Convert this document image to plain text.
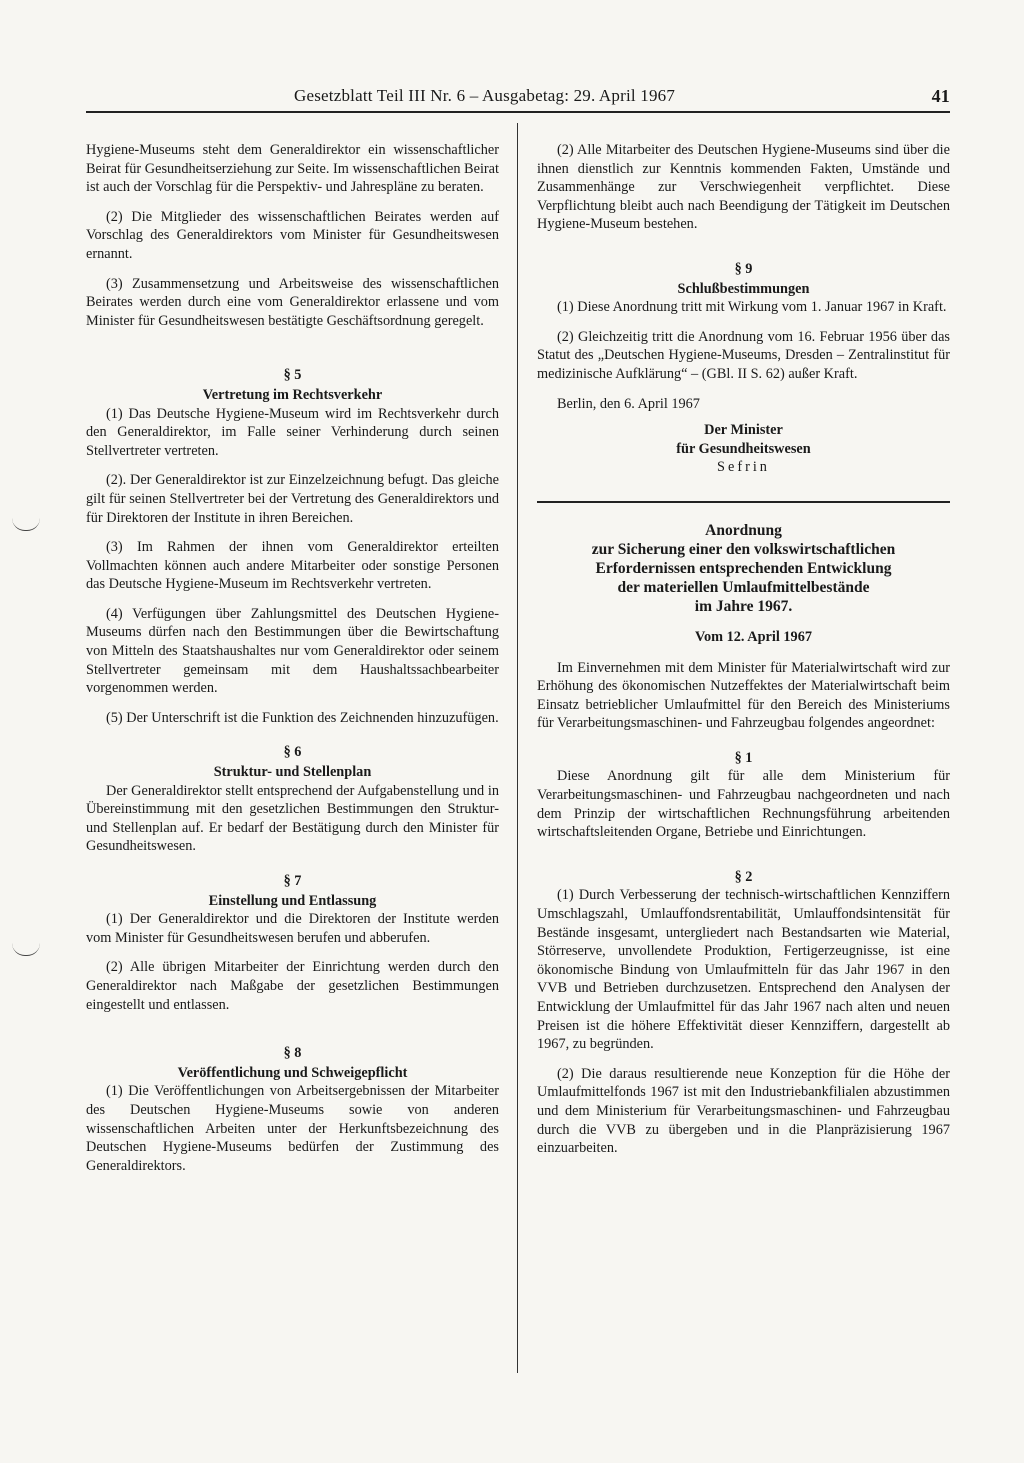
Gesetzblatt Teil III Nr. 6 – Ausgabetag: 29. April 1967	41

Hygiene-Museums steht dem Generaldirektor ein wissenschaftlicher Beirat für Gesundheitserziehung zur Seite. Im wissenschaftlichen Beirat ist auch der Vorschlag für die Perspektiv- und Jahrespläne zu beraten.

(2) Die Mitglieder des wissenschaftlichen Beirates werden auf Vorschlag des Generaldirektors vom Minister für Gesundheitswesen ernannt.

(3) Zusammensetzung und Arbeitsweise des wissenschaftlichen Beirates werden durch eine vom Generaldirektor erlassene und vom Minister für Gesundheitswesen bestätigte Geschäftsordnung geregelt.

§ 5

Vertretung im Rechtsverkehr

(1) Das Deutsche Hygiene-Museum wird im Rechtsverkehr durch den Generaldirektor, im Falle seiner Verhinderung durch seinen Stellvertreter vertreten.

(2). Der Generaldirektor ist zur Einzelzeichnung befugt. Das gleiche gilt für seinen Stellvertreter bei der Vertretung des Generaldirektors und für Direktoren der Institute in ihren Bereichen.

(3) Im Rahmen der ihnen vom Generaldirektor erteilten Vollmachten können auch andere Mitarbeiter oder sonstige Personen das Deutsche Hygiene-Museum im Rechtsverkehr vertreten.

(4) Verfügungen über Zahlungsmittel des Deutschen Hygiene-Museums dürfen nach den Bestimmungen über die Bewirtschaftung von Mitteln des Staatshaushaltes nur vom Generaldirektor oder seinem Stellvertreter gemeinsam mit dem Haushaltssachbearbeiter vorgenommen werden.

(5) Der Unterschrift ist die Funktion des Zeichnenden hinzuzufügen.

§ 6

Struktur- und Stellenplan

Der Generaldirektor stellt entsprechend der Aufgabenstellung und in Übereinstimmung mit den gesetzlichen Bestimmungen den Struktur- und Stellenplan auf. Er bedarf der Bestätigung durch den Minister für Gesundheitswesen.

§ 7

Einstellung und Entlassung

(1) Der Generaldirektor und die Direktoren der Institute werden vom Minister für Gesundheitswesen berufen und abberufen.

(2) Alle übrigen Mitarbeiter der Einrichtung werden durch den Generaldirektor nach Maßgabe der gesetzlichen Bestimmungen eingestellt und entlassen.

§ 8

Veröffentlichung und Schweigepflicht

(1) Die Veröffentlichungen von Arbeitsergebnissen der Mitarbeiter des Deutschen Hygiene-Museums sowie von anderen wissenschaftlichen Arbeiten unter der Herkunftsbezeichnung des Deutschen Hygiene-Museums bedürfen der Zustimmung des Generaldirektors.

(2) Alle Mitarbeiter des Deutschen Hygiene-Museums sind über die ihnen dienstlich zur Kenntnis kommenden Fakten, Umstände und Zusammenhänge zur Verschwiegenheit verpflichtet. Diese Verpflichtung bleibt auch nach Beendigung der Tätigkeit im Deutschen Hygiene-Museum bestehen.

§ 9

Schlußbestimmungen

(1) Diese Anordnung tritt mit Wirkung vom 1. Januar 1967 in Kraft.

(2) Gleichzeitig tritt die Anordnung vom 16. Februar 1956 über das Statut des „Deutschen Hygiene-Museums, Dresden – Zentralinstitut für medizinische Aufklärung“ – (GBl. II S. 62) außer Kraft.

Berlin, den 6. April 1967

Der Minister

für Gesundheitswesen

Sefrin

Anordnung
zur Sicherung einer den volkswirtschaftlichen
Erfordernissen entsprechenden Entwicklung
der materiellen Umlaufmittelbestände
im Jahre 1967.

Vom 12. April 1967

Im Einvernehmen mit dem Minister für Materialwirtschaft wird zur Erhöhung des ökonomischen Nutzeffektes der Materialwirtschaft beim Einsatz betrieblicher Umlaufmittel für den Bereich des Ministeriums für Verarbeitungsmaschinen- und Fahrzeugbau folgendes angeordnet:

§ 1

Diese Anordnung gilt für alle dem Ministerium für Verarbeitungsmaschinen- und Fahrzeugbau nachgeordneten und nach dem Prinzip der wirtschaftlichen Rechnungsführung arbeitenden wirtschaftsleitenden Organe, Betriebe und Einrichtungen.

§ 2

(1) Durch Verbesserung der technisch-wirtschaftlichen Kennziffern Umschlagszahl, Umlauffondsrentabilität, Umlauffondsintensität für Bestände insgesamt, untergliedert nach Bestandsarten wie Material, Störreserve, unvollendete Produktion, Fertigerzeugnisse, ist eine ökonomische Bindung von Umlaufmitteln für das Jahr 1967 in den VVB und Betrieben durchzusetzen. Entsprechend den Analysen der Entwicklung der Umlaufmittel für das Jahr 1967 nach alten und neuen Preisen ist die höhere Effektivität dieser Kennziffern, dargestellt ab 1967, zu begründen.

(2) Die daraus resultierende neue Konzeption für die Höhe der Umlaufmittelfonds 1967 ist mit den Industriebankfilialen abzustimmen und dem Ministerium für Verarbeitungsmaschinen- und Fahrzeugbau durch die VVB zu übergeben und in die Planpräzisierung 1967 einzuarbeiten.
